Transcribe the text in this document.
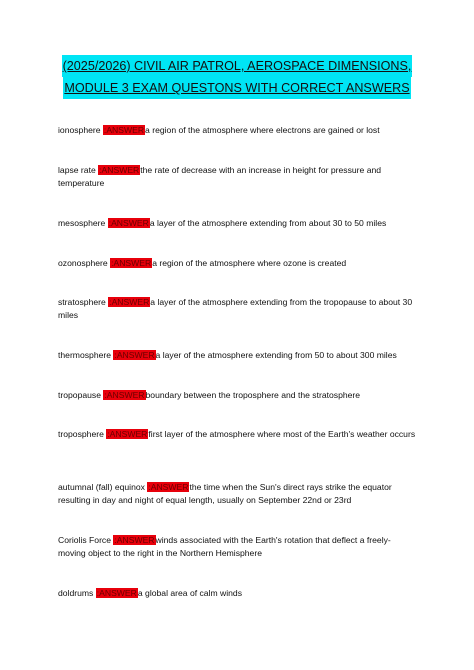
(2025/2026) CIVIL AIR PATROL, AEROSPACE DIMENSIONS,
MODULE 3 EXAM QUESTONS WITH CORRECT ANSWERS
ionosphere :ANSWERa region of the atmosphere where electrons are gained or lost
lapse rate :ANSWERthe rate of decrease with an increase in height for pressure and temperature
mesosphere :ANSWERa layer of the atmosphere extending from about 30 to 50 miles
ozonosphere :ANSWERa region of the atmosphere where ozone is created
stratosphere :ANSWERa layer of the atmosphere extending from the tropopause to about 30 miles
thermosphere :ANSWERa layer of the atmosphere extending from 50 to about 300 miles
tropopause :ANSWERboundary between the troposphere and the stratosphere
troposphere :ANSWERfirst layer of the atmosphere where most of the Earth's weather occurs
autumnal (fall) equinox :ANSWERthe time when the Sun's direct rays strike the equator resulting in day and night of equal length, usually on September 22nd or 23rd
Coriolis Force :ANSWERwinds associated with the Earth's rotation that deflect a freely-moving object to the right in the Northern Hemisphere
doldrums :ANSWERa global area of calm winds
